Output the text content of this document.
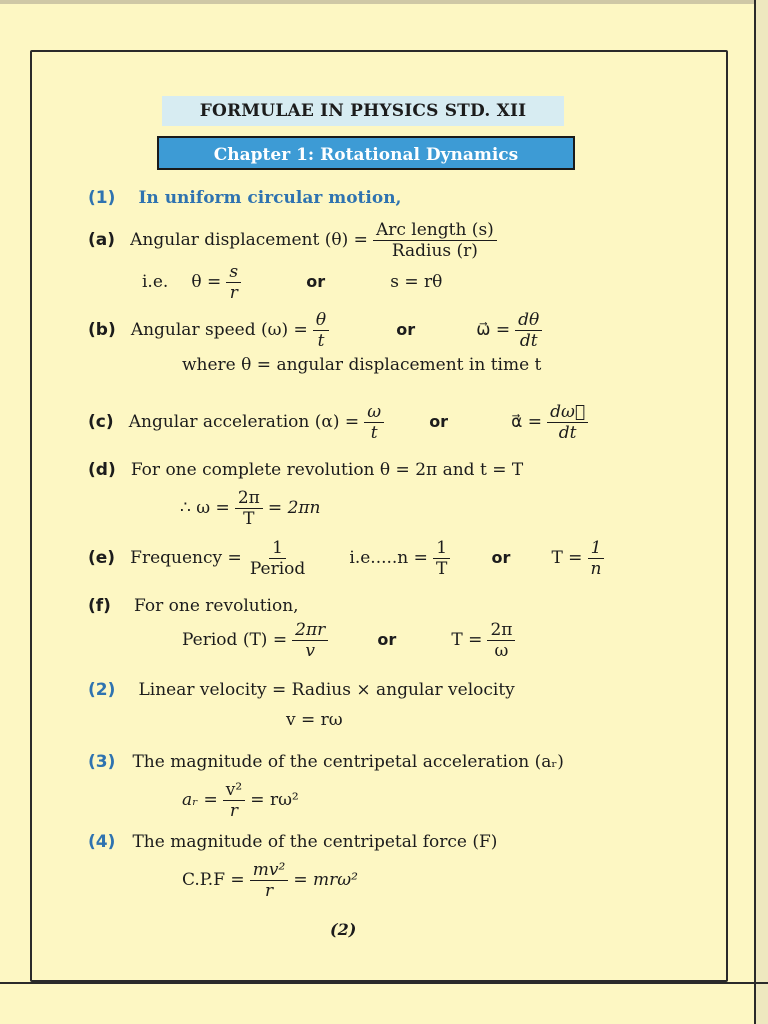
FORMULAE IN PHYSICS STD. XII
Chapter 1: Rotational Dynamics
(1) In uniform circular motion,
(a) Angular displacement $(\theta) = \frac{\text{Arc length (s)}}{\text{Radius (r)}}$
i.e. $\theta = \frac{s}{r}$	or	s = rθ
(b) Angular speed $(\omega) = \frac{\theta}{t}$	or	ω⃗ = $\frac{d\theta}{dt}$
where θ = angular displacement in time t
(c) Angular acceleration $(\alpha) = \frac{\omega}{t}$	or	α⃗ = $\frac{d\omega⃗}{dt}$
(d) For one complete revolution θ = 2π and t = T
∴ $\omega = \frac{2\pi}{T} = 2\pi n$
(e) Frequency = $\frac{1}{\text{Period}} i.e.....n = \frac{1}{T}$	or $T = \frac{1}{n}$
(f) For one revolution,
Period $(T) = \frac{2\pi r}{v}$	or	$T = \frac{2\pi}{\omega}$
(2) Linear velocity = Radius × angular velocity
v = rω
(3) The magnitude of the centripetal acceleration (aᵣ)
aᵣ = $\frac{\text{v²}}{r} = r\omega^2$
(4) The magnitude of the centripetal force (F)
$C.P.F = \frac{\text{mv²}}{r} = mr\omega^2$
(2)
